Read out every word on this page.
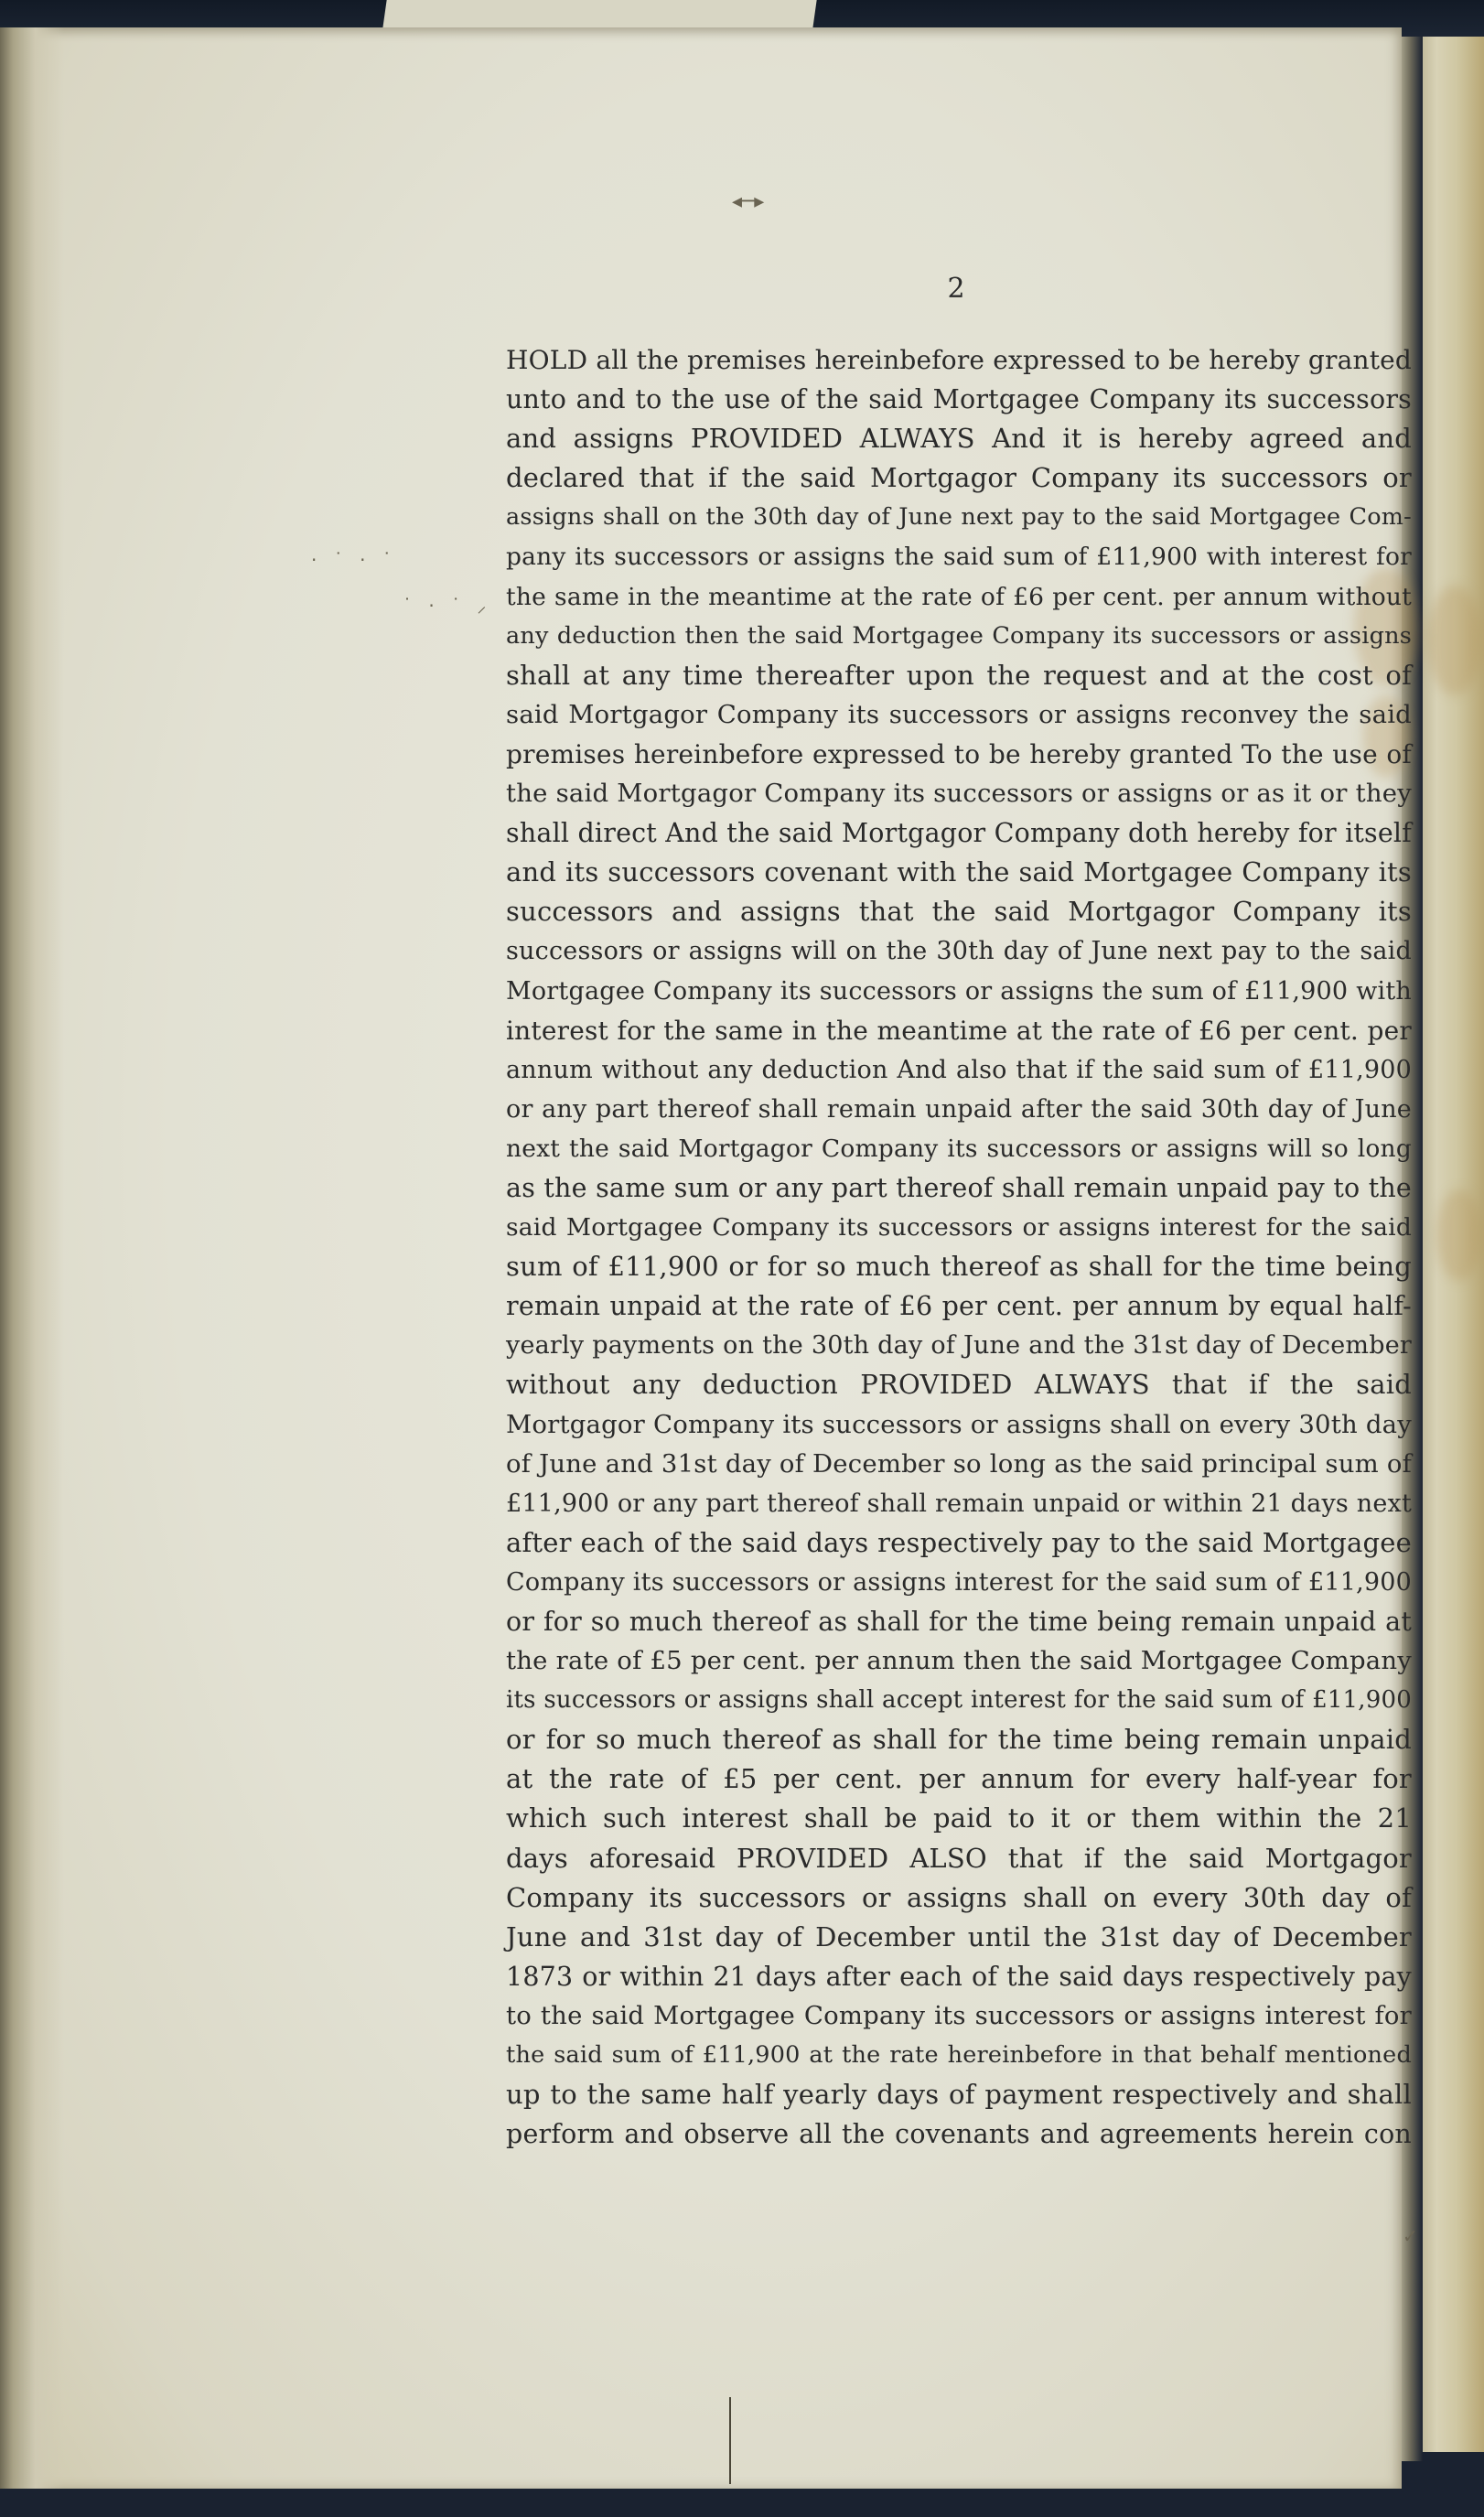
◂─▸
· ˙ · ˙
˙ · ˙ ⸝
✓
2
HOLD all the premises hereinbefore expressed to be hereby granted
unto and to the use of the said Mortgagee Company its successors
and assigns PROVIDED ALWAYS And it is hereby agreed and
declared that if the said Mortgagor Company its successors or
assigns shall on the 30th day of June next pay to the said Mortgagee Com-
pany its successors or assigns the said sum of £11,900 with interest for
the same in the meantime at the rate of £6 per cent. per annum without
any deduction then the said Mortgagee Company its successors or assigns
shall at any time thereafter upon the request and at the cost of
said Mortgagor Company its successors or assigns reconvey the said
premises hereinbefore expressed to be hereby granted To the use of
the said Mortgagor Company its successors or assigns or as it or they
shall direct And the said Mortgagor Company doth hereby for itself
and its successors covenant with the said Mortgagee Company its
successors and assigns that the said Mortgagor Company its
successors or assigns will on the 30th day of June next pay to the said
Mortgagee Company its successors or assigns the sum of £11,900 with
interest for the same in the meantime at the rate of £6 per cent. per
annum without any deduction And also that if the said sum of £11,900
or any part thereof shall remain unpaid after the said 30th day of June
next the said Mortgagor Company its successors or assigns will so long
as the same sum or any part thereof shall remain unpaid pay to the
said Mortgagee Company its successors or assigns interest for the said
sum of £11,900 or for so much thereof as shall for the time being
remain unpaid at the rate of £6 per cent. per annum by equal half-
yearly payments on the 30th day of June and the 31st day of December
without any deduction PROVIDED ALWAYS that if the said
Mortgagor Company its successors or assigns shall on every 30th day
of June and 31st day of December so long as the said principal sum of
£11,900 or any part thereof shall remain unpaid or within 21 days next
after each of the said days respectively pay to the said Mortgagee
Company its successors or assigns interest for the said sum of £11,900
or for so much thereof as shall for the time being remain unpaid at
the rate of £5 per cent. per annum then the said Mortgagee Company
its successors or assigns shall accept interest for the said sum of £11,900
or for so much thereof as shall for the time being remain unpaid
at the rate of £5 per cent. per annum for every half-year for
which such interest shall be paid to it or them within the 21
days aforesaid PROVIDED ALSO that if the said Mortgagor
Company its successors or assigns shall on every 30th day of
June and 31st day of December until the 31st day of December
1873 or within 21 days after each of the said days respectively pay
to the said Mortgagee Company its successors or assigns interest for
the said sum of £11,900 at the rate hereinbefore in that behalf mentioned
up to the same half yearly days of payment respectively and shall
perform and observe all the covenants and agreements herein con
